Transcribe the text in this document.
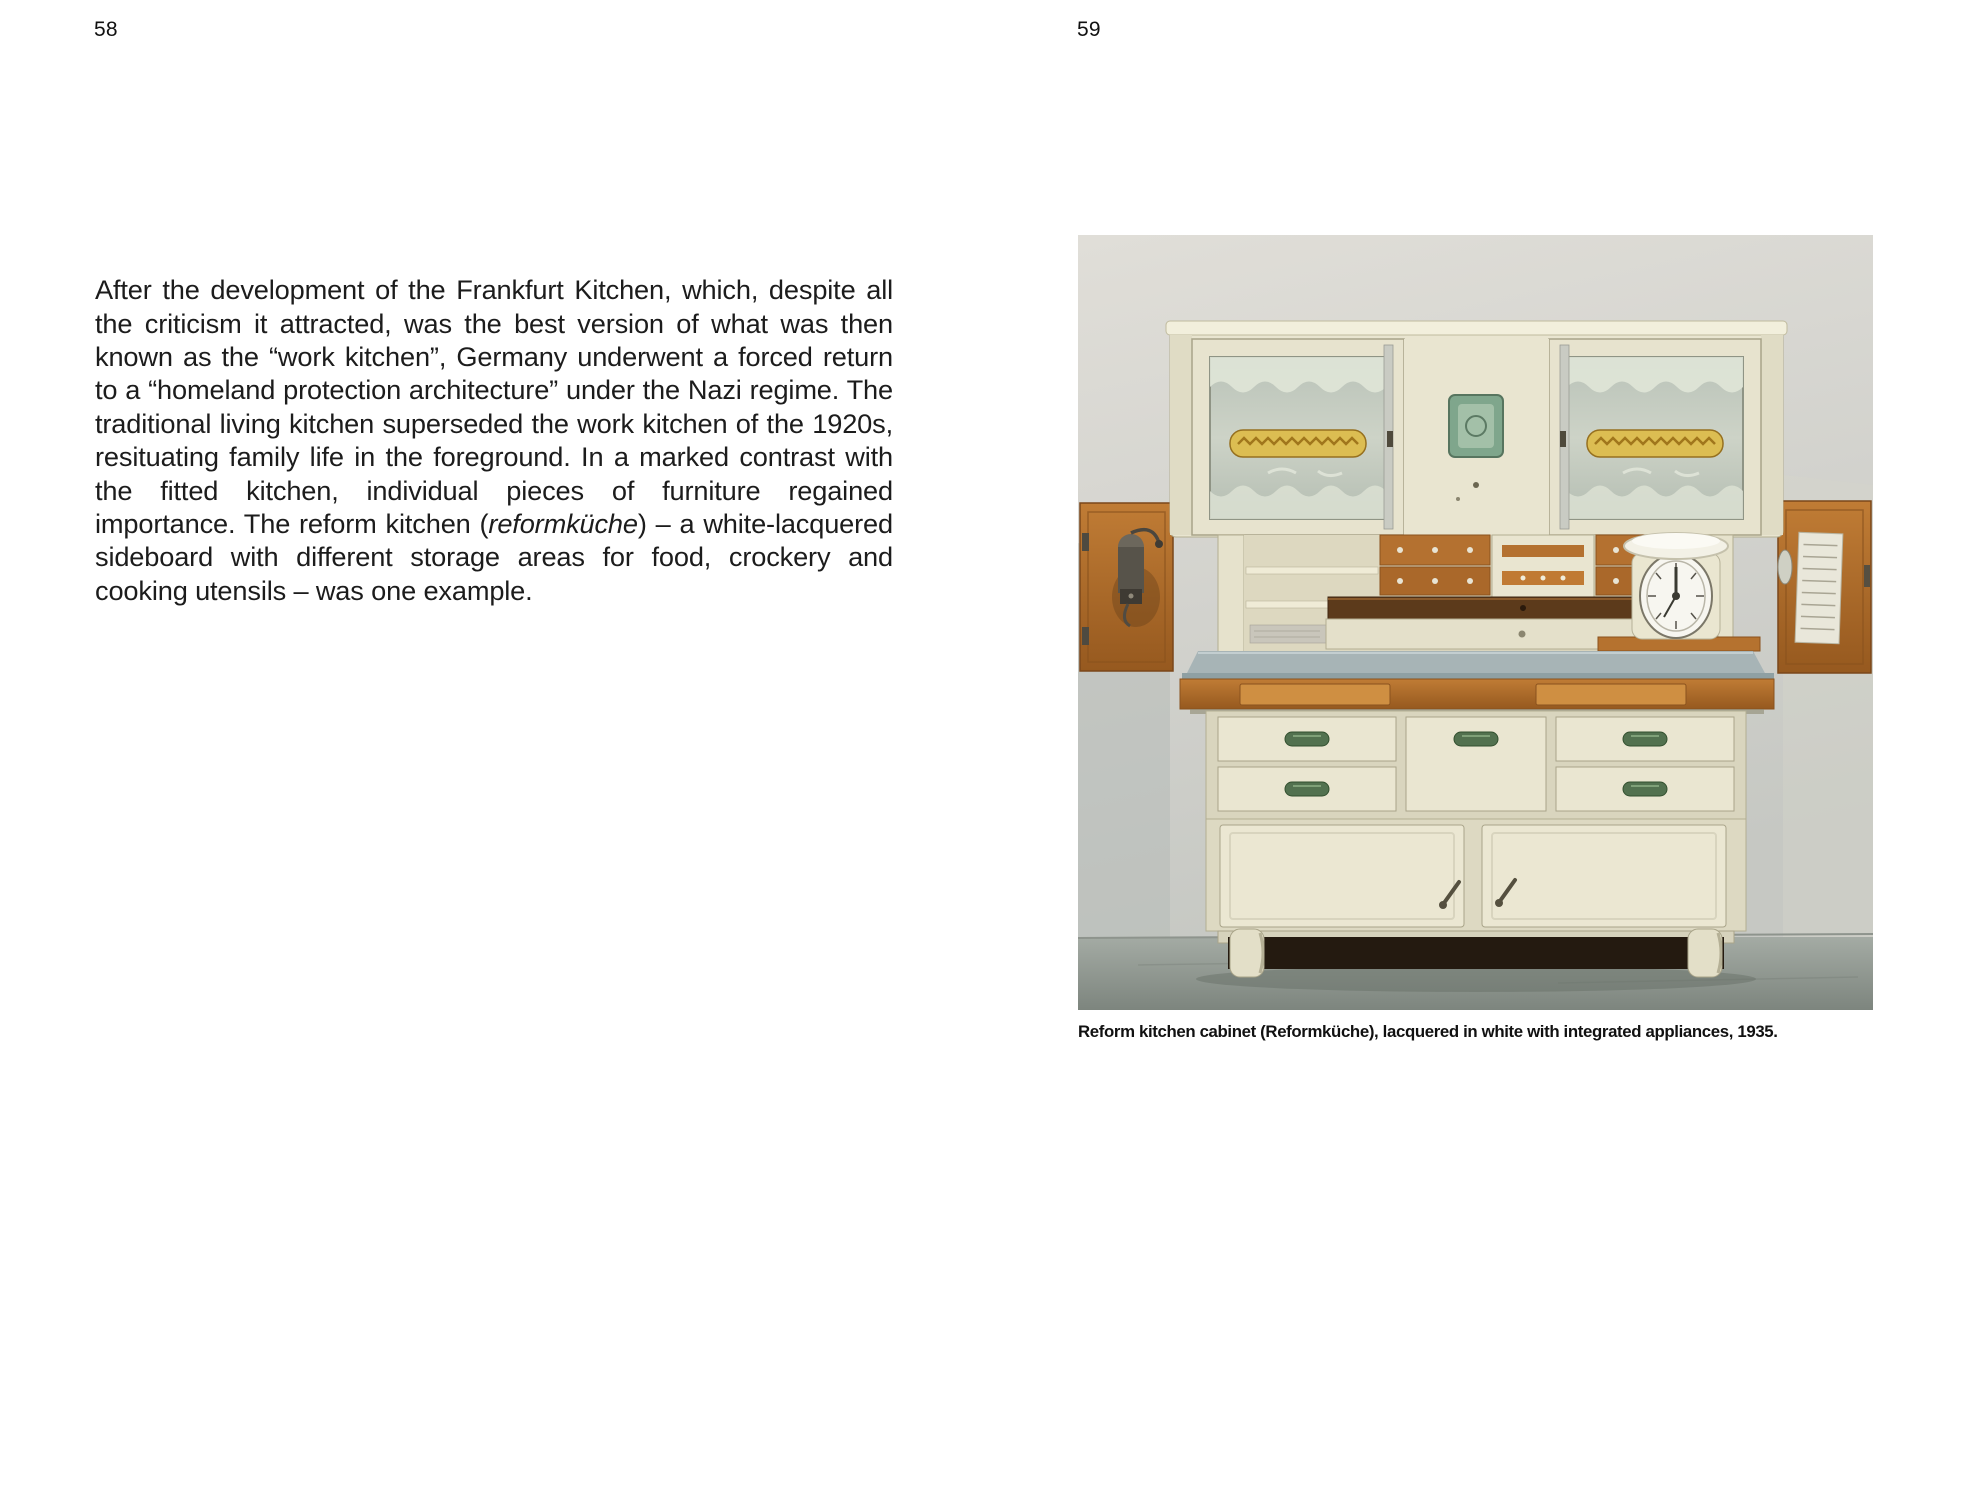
58

After the development of the Frankfurt Kitchen, which, despite all the criticism it attracted, was the best version of what was then known as the “work kitchen”, Germany underwent a forced return to a “homeland protection architecture” under the Nazi regime. The traditional living kitchen superseded the work kitchen of the 1920s, resituating family life in the foreground. In a marked contrast with the fitted kitchen, individual pieces of furniture regained importance. The reform kitchen (reformküche) – a white-lacquered sideboard with different storage areas for food, crockery and cooking utensils – was one example.

59
Reform kitchen cabinet (Reformküche), lacquered in white with integrated appliances, 1935.
